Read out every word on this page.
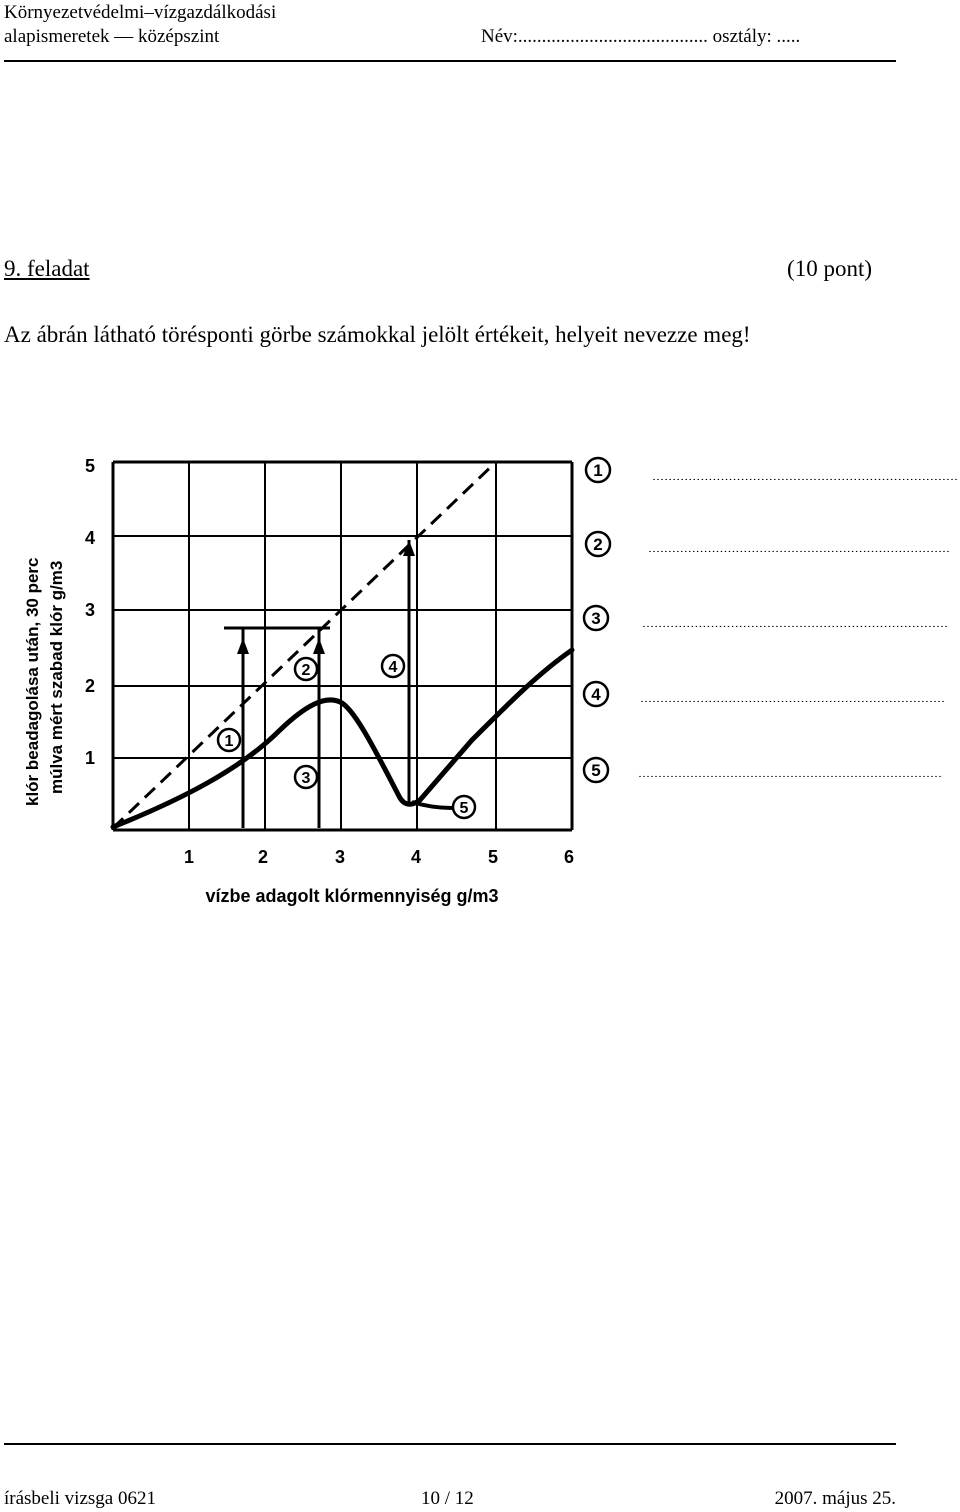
Környezetvédelmi–vízgazdálkodási
alapismeretek — középszint	Név:........................................ osztály: .....
9. feladat	(10 pont)
Az ábrán látható törésponti görbe számokkal jelölt értékeit, helyeit nevezze meg!
klór beadagolása után, 30 perc múlva mért szabad klór g/m3 1
2
3
4
5
1	2	3	4	5	6
vízbe adagolt klórmennyiség g/m3
1
2
3
4
5
1
2
3
4
5
............................................................................
............................................................................
............................................................................
............................................................................
............................................................................
írásbeli vizsga 0621	10 / 12	2007. május 25.
